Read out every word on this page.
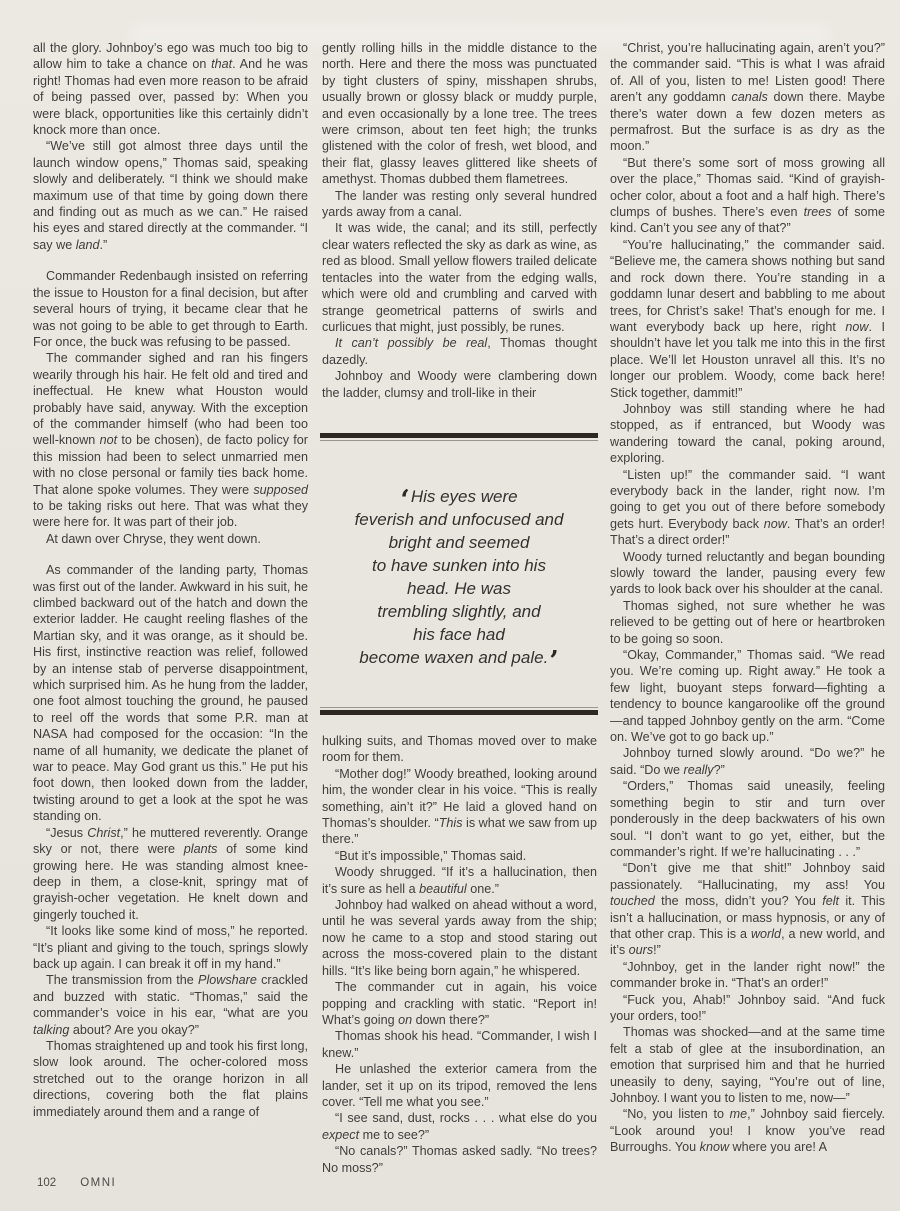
all the glory. Johnboy’s ego was much too big to allow him to take a chance on that. And he was right! Thomas had even more reason to be afraid of being passed over, passed by: When you were black, opportunities like this certainly didn’t knock more than once.

“We’ve still got almost three days until the launch window opens,” Thomas said, speaking slowly and deliberately. “I think we should make maximum use of that time by going down there and finding out as much as we can.” He raised his eyes and stared directly at the commander. “I say we land.”

Commander Redenbaugh insisted on referring the issue to Houston for a final decision, but after several hours of trying, it became clear that he was not going to be able to get through to Earth. For once, the buck was refusing to be passed.

The commander sighed and ran his fingers wearily through his hair. He felt old and tired and ineffectual. He knew what Houston would probably have said, anyway. With the exception of the commander himself (who had been too well-known not to be chosen), de facto policy for this mission had been to select unmarried men with no close personal or family ties back home. That alone spoke volumes. They were supposed to be taking risks out here. That was what they were here for. It was part of their job.

At dawn over Chryse, they went down.

As commander of the landing party, Thomas was first out of the lander. Awkward in his suit, he climbed backward out of the hatch and down the exterior ladder. He caught reeling flashes of the Martian sky, and it was orange, as it should be. His first, instinctive reaction was relief, followed by an intense stab of perverse disappointment, which surprised him. As he hung from the ladder, one foot almost touching the ground, he paused to reel off the words that some P.R. man at NASA had composed for the occasion: “In the name of all humanity, we dedicate the planet of war to peace. May God grant us this.” He put his foot down, then looked down from the ladder, twisting around to get a look at the spot he was standing on.

“Jesus Christ,” he muttered reverently. Orange sky or not, there were plants of some kind growing here. He was standing almost knee-deep in them, a close-knit, springy mat of grayish-ocher vegetation. He knelt down and gingerly touched it.

“It looks like some kind of moss,” he reported. “It’s pliant and giving to the touch, springs slowly back up again. I can break it off in my hand.”

The transmission from the Plowshare crackled and buzzed with static. “Thomas,” said the commander’s voice in his ear, “what are you talking about? Are you okay?”

Thomas straightened up and took his first long, slow look around. The ocher-colored moss stretched out to the orange horizon in all directions, covering both the flat plains immediately around them and a range of

gently rolling hills in the middle distance to the north. Here and there the moss was punctuated by tight clusters of spiny, misshapen shrubs, usually brown or glossy black or muddy purple, and even occasionally by a lone tree. The trees were crimson, about ten feet high; the trunks glistened with the color of fresh, wet blood, and their flat, glassy leaves glittered like sheets of amethyst. Thomas dubbed them flametrees.

The lander was resting only several hundred yards away from a canal.

It was wide, the canal; and its still, perfectly clear waters reflected the sky as dark as wine, as red as blood. Small yellow flowers trailed delicate tentacles into the water from the edging walls, which were old and crumbling and carved with strange geometrical patterns of swirls and curlicues that might, just possibly, be runes.

It can’t possibly be real, Thomas thought dazedly.

Johnboy and Woody were clambering down the ladder, clumsy and troll-like in their

‘His eyes were
feverish and unfocused and
bright and seemed
to have sunken into his
head. He was
trembling slightly, and
his face had
become waxen and pale.’

hulking suits, and Thomas moved over to make room for them.

“Mother dog!” Woody breathed, looking around him, the wonder clear in his voice. “This is really something, ain’t it?” He laid a gloved hand on Thomas’s shoulder. “This is what we saw from up there.”

“But it’s impossible,” Thomas said.

Woody shrugged. “If it’s a hallucination, then it’s sure as hell a beautiful one.”

Johnboy had walked on ahead without a word, until he was several yards away from the ship; now he came to a stop and stood staring out across the moss-covered plain to the distant hills. “It’s like being born again,” he whispered.

The commander cut in again, his voice popping and crackling with static. “Report in! What’s going on down there?”

Thomas shook his head. “Commander, I wish I knew.”

He unlashed the exterior camera from the lander, set it up on its tripod, removed the lens cover. “Tell me what you see.”

“I see sand, dust, rocks . . . what else do you expect me to see?”

“No canals?” Thomas asked sadly. “No trees? No moss?”

“Christ, you’re hallucinating again, aren’t you?” the commander said. “This is what I was afraid of. All of you, listen to me! Listen good! There aren’t any goddamn canals down there. Maybe there’s water down a few dozen meters as permafrost. But the surface is as dry as the moon.”

“But there’s some sort of moss growing all over the place,” Thomas said. “Kind of grayish-ocher color, about a foot and a half high. There’s clumps of bushes. There’s even trees of some kind. Can’t you see any of that?”

“You’re hallucinating,” the commander said. “Believe me, the camera shows nothing but sand and rock down there. You’re standing in a goddamn lunar desert and babbling to me about trees, for Christ’s sake! That’s enough for me. I want everybody back up here, right now. I shouldn’t have let you talk me into this in the first place. We’ll let Houston unravel all this. It’s no longer our problem. Woody, come back here! Stick together, dammit!”

Johnboy was still standing where he had stopped, as if entranced, but Woody was wandering toward the canal, poking around, exploring.

“Listen up!” the commander said. “I want everybody back in the lander, right now. I’m going to get you out of there before somebody gets hurt. Everybody back now. That’s an order! That’s a direct order!”

Woody turned reluctantly and began bounding slowly toward the lander, pausing every few yards to look back over his shoulder at the canal.

Thomas sighed, not sure whether he was relieved to be getting out of here or heartbroken to be going so soon.

“Okay, Commander,” Thomas said. “We read you. We’re coming up. Right away.” He took a few light, buoyant steps forward—fighting a tendency to bounce kangaroolike off the ground—and tapped Johnboy gently on the arm. “Come on. We’ve got to go back up.”

Johnboy turned slowly around. “Do we?” he said. “Do we really?”

“Orders,” Thomas said uneasily, feeling something begin to stir and turn over ponderously in the deep backwaters of his own soul. “I don’t want to go yet, either, but the commander’s right. If we’re hallucinating . . .”

“Don’t give me that shit!” Johnboy said passionately. “Hallucinating, my ass! You touched the moss, didn’t you? You felt it. This isn’t a hallucination, or mass hypnosis, or any of that other crap. This is a world, a new world, and it’s ours!”

“Johnboy, get in the lander right now!” the commander broke in. “That’s an order!”

“Fuck you, Ahab!” Johnboy said. “And fuck your orders, too!”

Thomas was shocked—and at the same time felt a stab of glee at the insubordination, an emotion that surprised him and that he hurried uneasily to deny, saying, “You’re out of line, Johnboy. I want you to listen to me, now—”

“No, you listen to me,” Johnboy said fiercely. “Look around you! I know you’ve read Burroughs. You know where you are! A

102 OMNI
